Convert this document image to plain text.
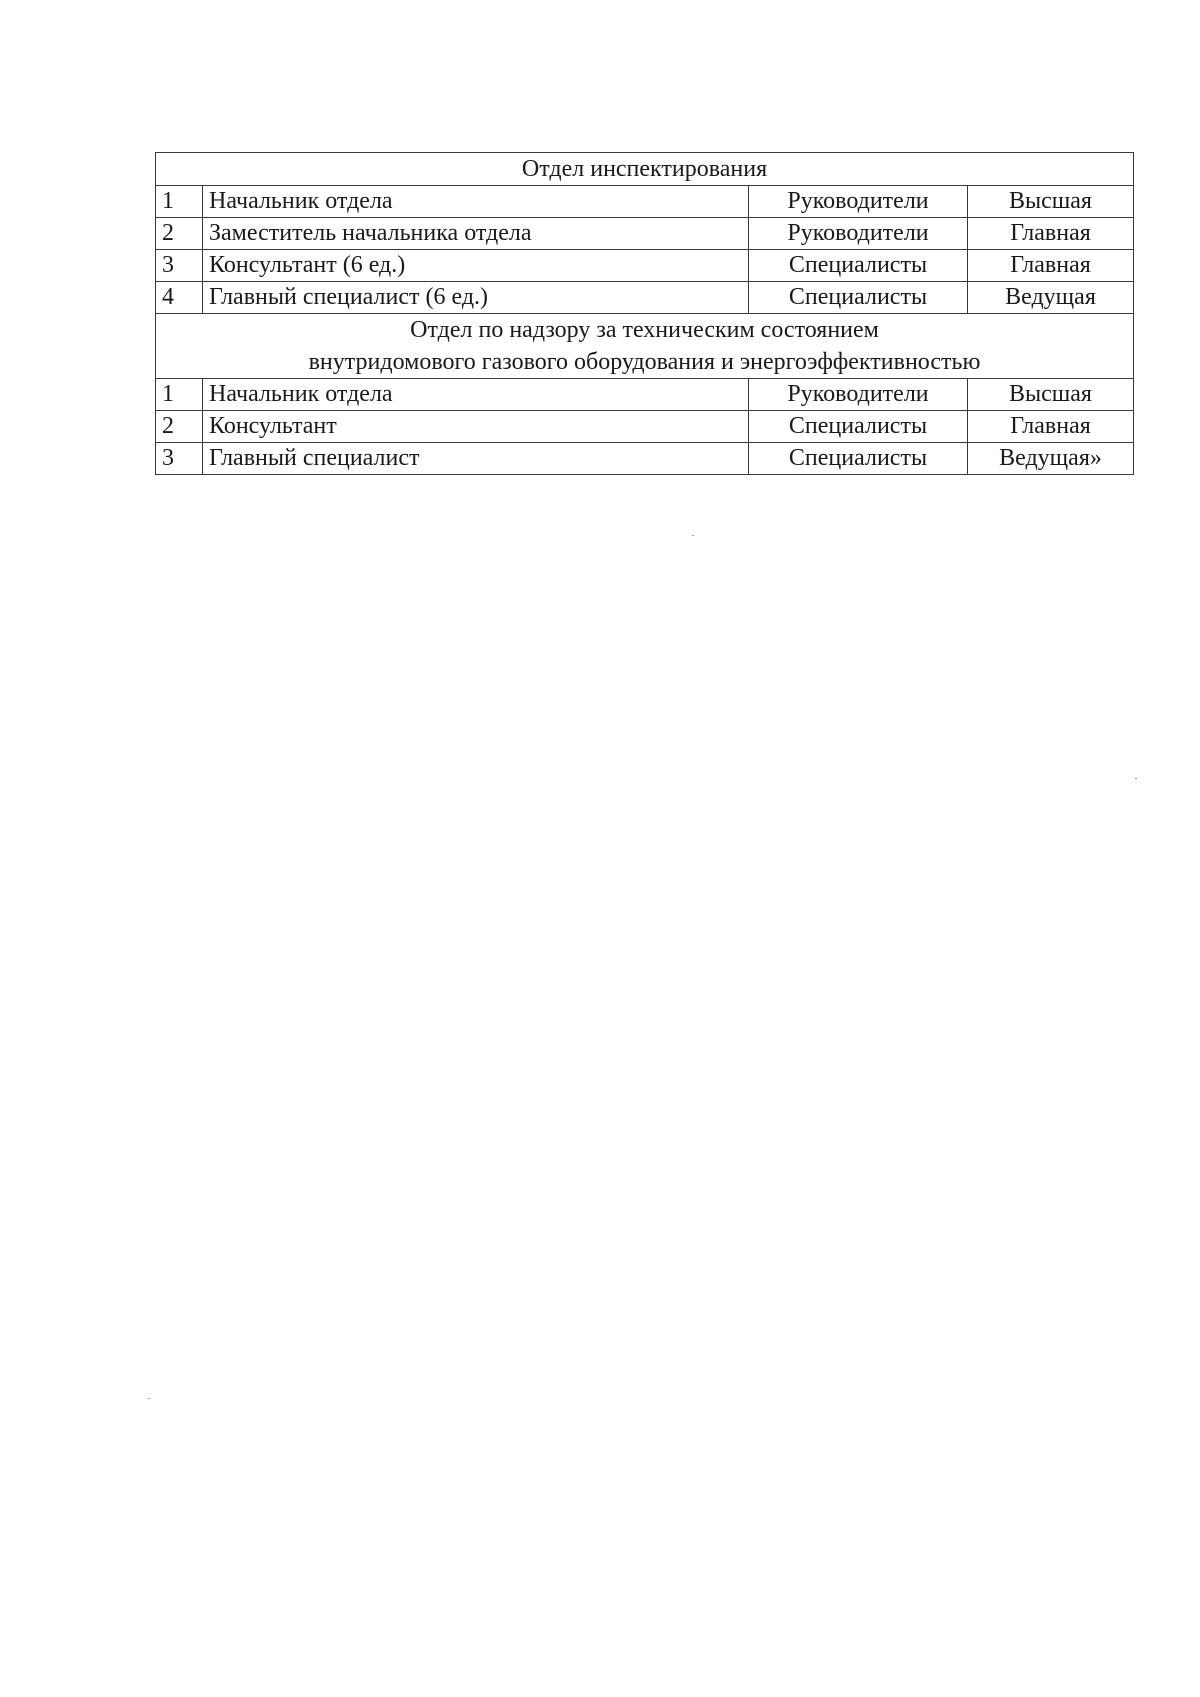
Отдел инспектирования			

1	Начальник отдела	Руководители	Высшая
2	Заместитель начальника отдела	Руководители	Главная
3	Консультант (6 ед.)	Специалисты	Главная
4	Главный специалист (6 ед.)	Специалисты	Ведущая

Отдел по надзору за техническим состоянием
внутридомового газового оборудования и энергоэффективностью			

1	Начальник отдела	Руководители	Высшая
2	Консультант	Специалисты	Главная
3	Главный специалист	Специалисты	Ведущая»
